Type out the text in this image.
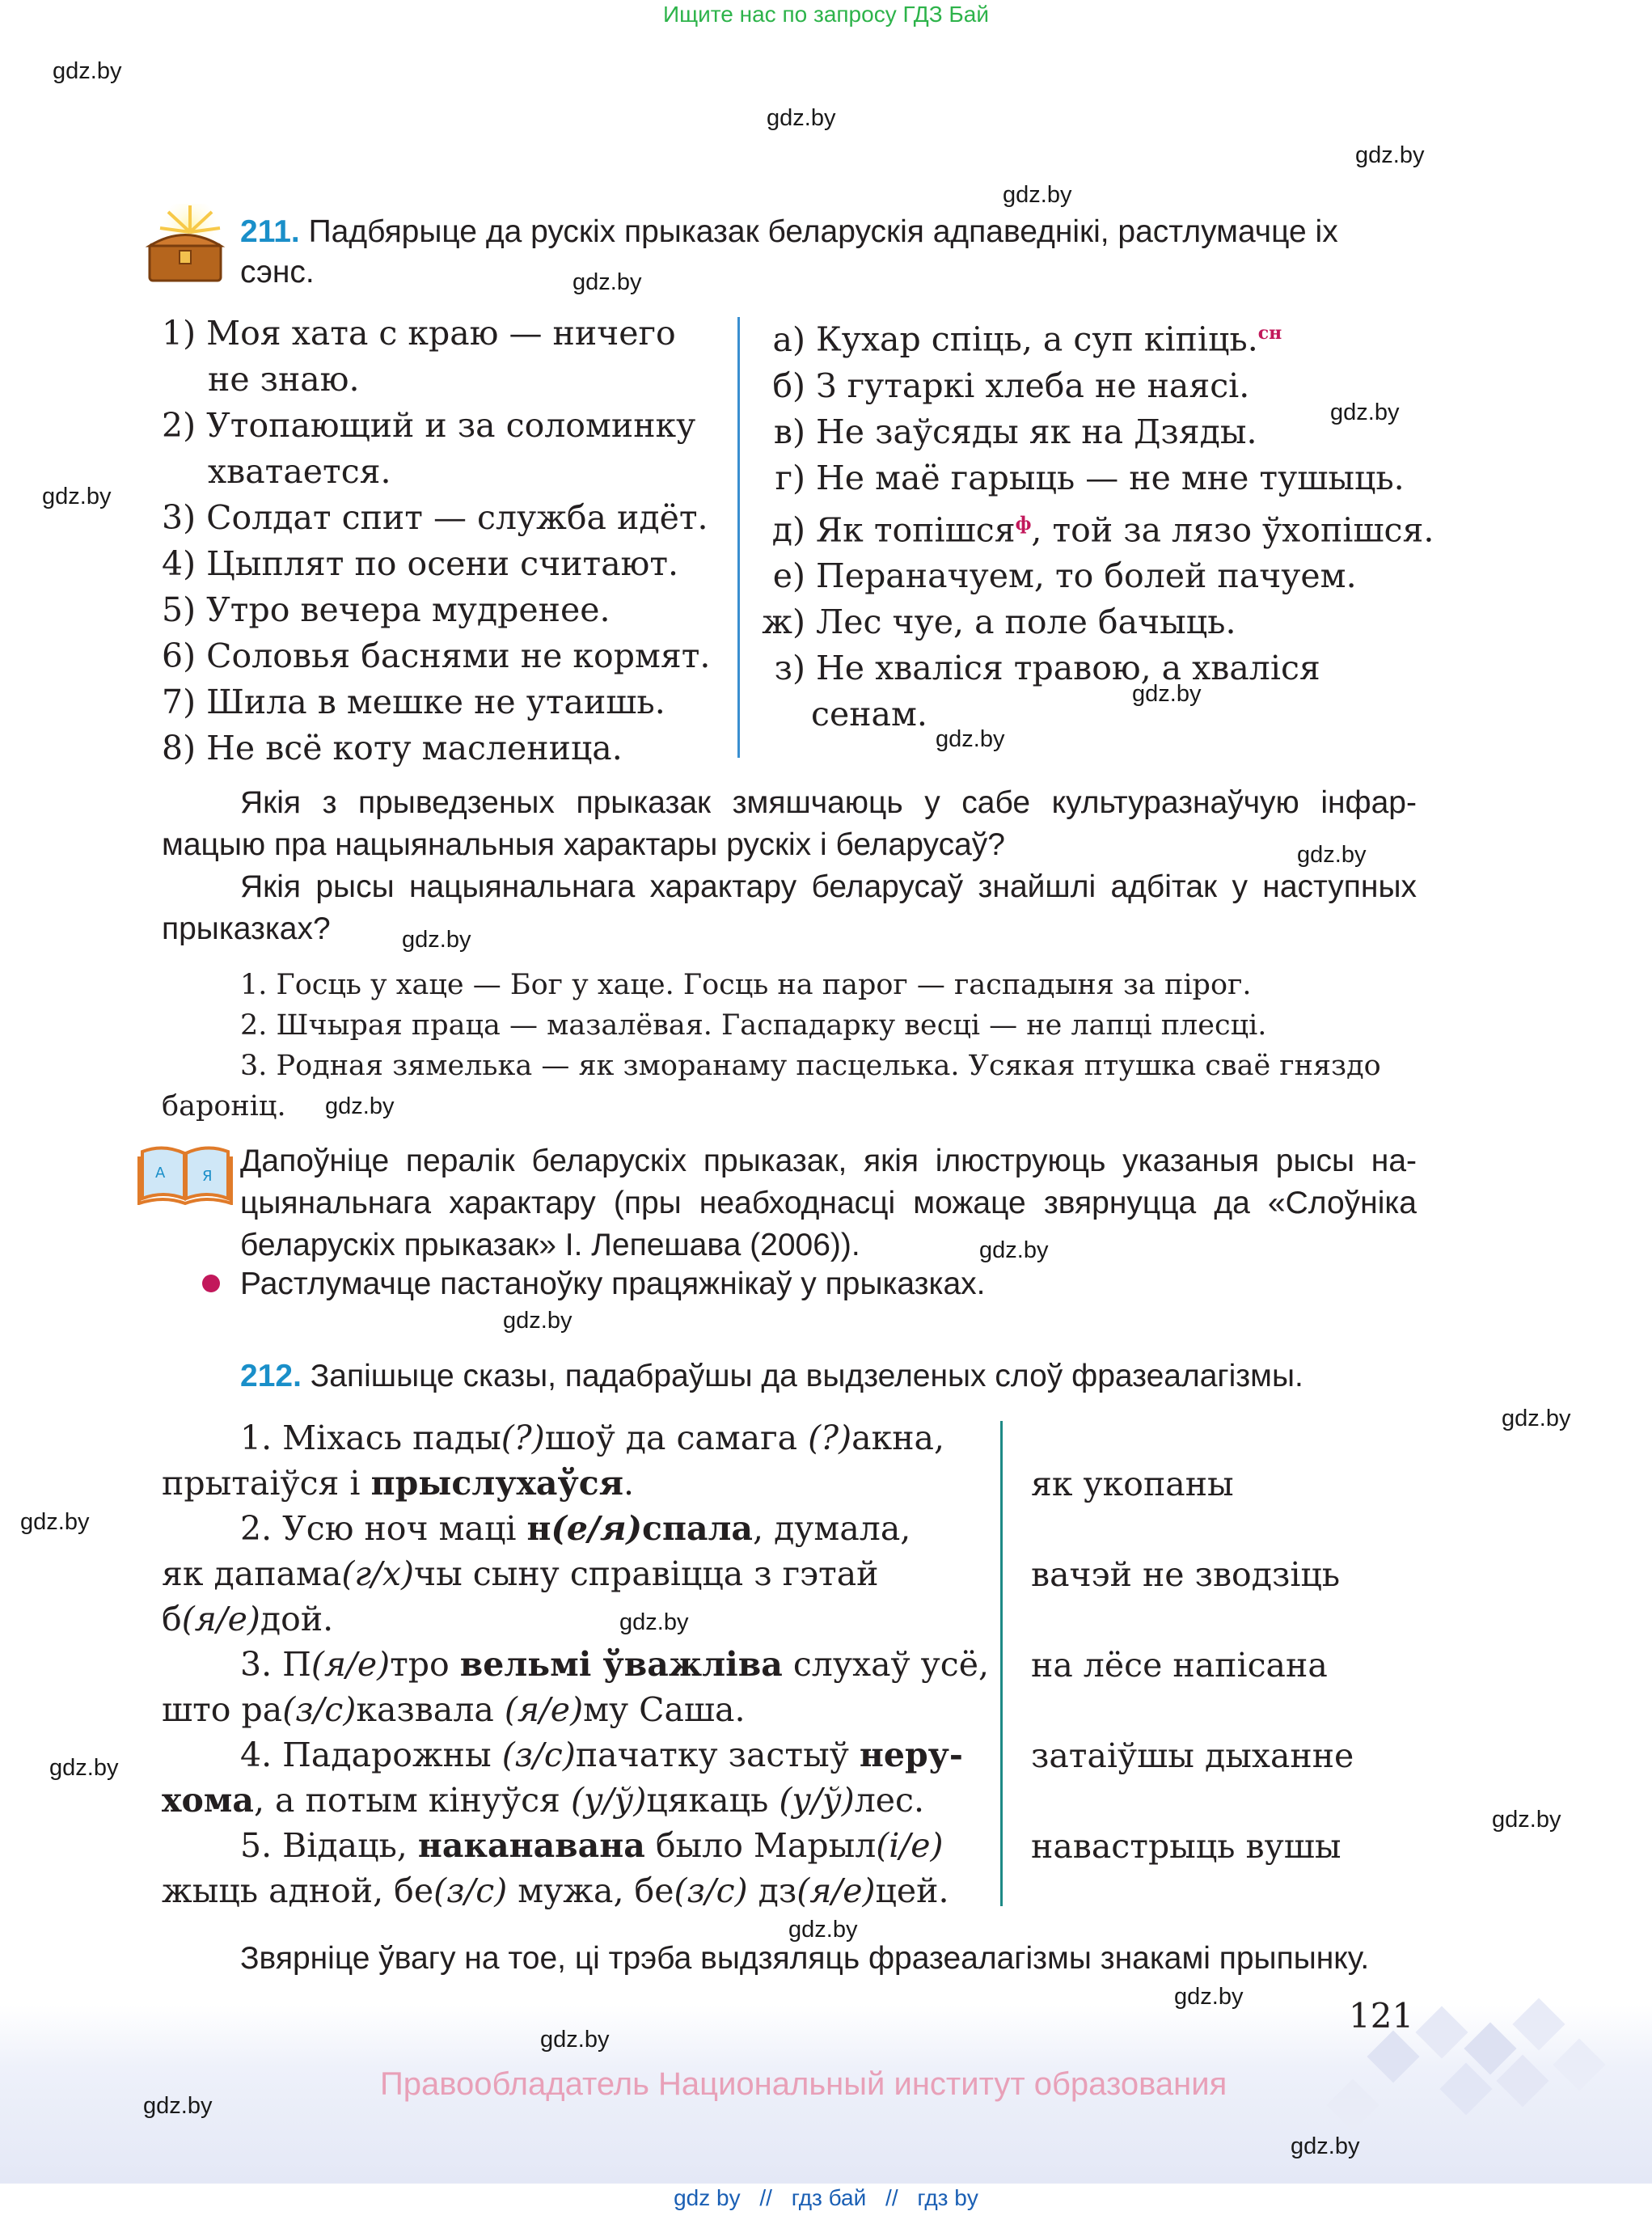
Ищите нас по запросу ГДЗ Бай
gdz.by
gdz.by
gdz.by
gdz.by
gdz.by
gdz.by
gdz.by
gdz.by
gdz.by
gdz.by
gdz.by
gdz.by
gdz.by
gdz.by
gdz.by
gdz.by
gdz.by
gdz.by
gdz.by
gdz.by
gdz.by
gdz.by
gdz.by
gdz.by
211. Падбярыце да рускіх прыказак беларускія адпаведнікі, растлумачце іх
сэнс.
1) Моя хата с краю — ничего
не знаю.
2) Утопающий и за соломинку
хватается.
3) Солдат спит — служба идёт.
4) Цыплят по осени считают.
5) Утро вечера мудренее.
6) Соловья баснями не кормят.
7) Шила в мешке не утаишь.
8) Не всё коту масленица.
а) Кухар спіць, а суп кіпіць.$^{сн}$
б) З гутаркі хлеба не наясі.
в) Не заўсяды як на Дзяды.
г) Не маё гарыць — не мне тушыць.
д) Як топішся$^ф$, той за лязо ўхопішся.
е) Пераначуем, то болей пачуем.
ж) Лес чуе, а поле бачыць.
з) Не хваліся травою, а хваліся
сенам.
Якія з прыведзеных прыказак змяшчаюць у сабе культуразнаўчую інфар-
мацыю пра нацыянальныя характары рускіх і беларусаў?
Якія рысы нацыянальнага характару беларусаў знайшлі адбітак у наступных
прыказках?
1. Госць у хаце — Бог у хаце. Госць на парог — гаспадыня за пірог.
2. Шчырая праца — мазалёвая. Гаспадарку весці — не лапці плесці.
3. Родная зямелька — як зморанаму пасцелька. Усякая птушка сваё гняздо
бароніц.
А	Я Дапоўніце пералік беларускіх прыказак, якія ілюструюць указаныя рысы на-
цыянальнага характару (пры неабходнасці можаце звярнуцца да «Слоўніка
беларускіх прыказак» І. Лепешава (2006)).
Растлумачце пастаноўку працяжнікаў у прыказках.
212. Запішыце сказы, падабраўшы да выдзеленых слоў фразеалагізмы.
1. Міхась пады(?)шоў да самага (?)акна,
прытаіўся і прыслухаўся.
2. Усю ноч маці н(е/я)спала, думала,
як дапама(г/х)чы сыну справіцца з гэтай
б(я/е)дой.
3. П(я/е)тро вельмі ўважліва слухаў усё,
што ра(з/с)казвала (я/е)му Саша.
4. Падарожны (з/с)пачатку застыў неру-
хома, а потым кінуўся (у/ў)цякаць (у/ў)лес.
5. Відаць, наканавана было Марыл(і/е)
жыць адной, бе(з/с) мужа, бе(з/с) дз(я/е)цей.
як укопаны
вачэй не зводзіць
на лёсе напісана
затаіўшы дыханне
навастрыць вушы
Звярніце ўвагу на тое, ці трэба выдзяляць фразеалагізмы знакамі прыпынку.
121
Правообладатель Национальный институт образования
gdz by // гдз бай // гдз by
